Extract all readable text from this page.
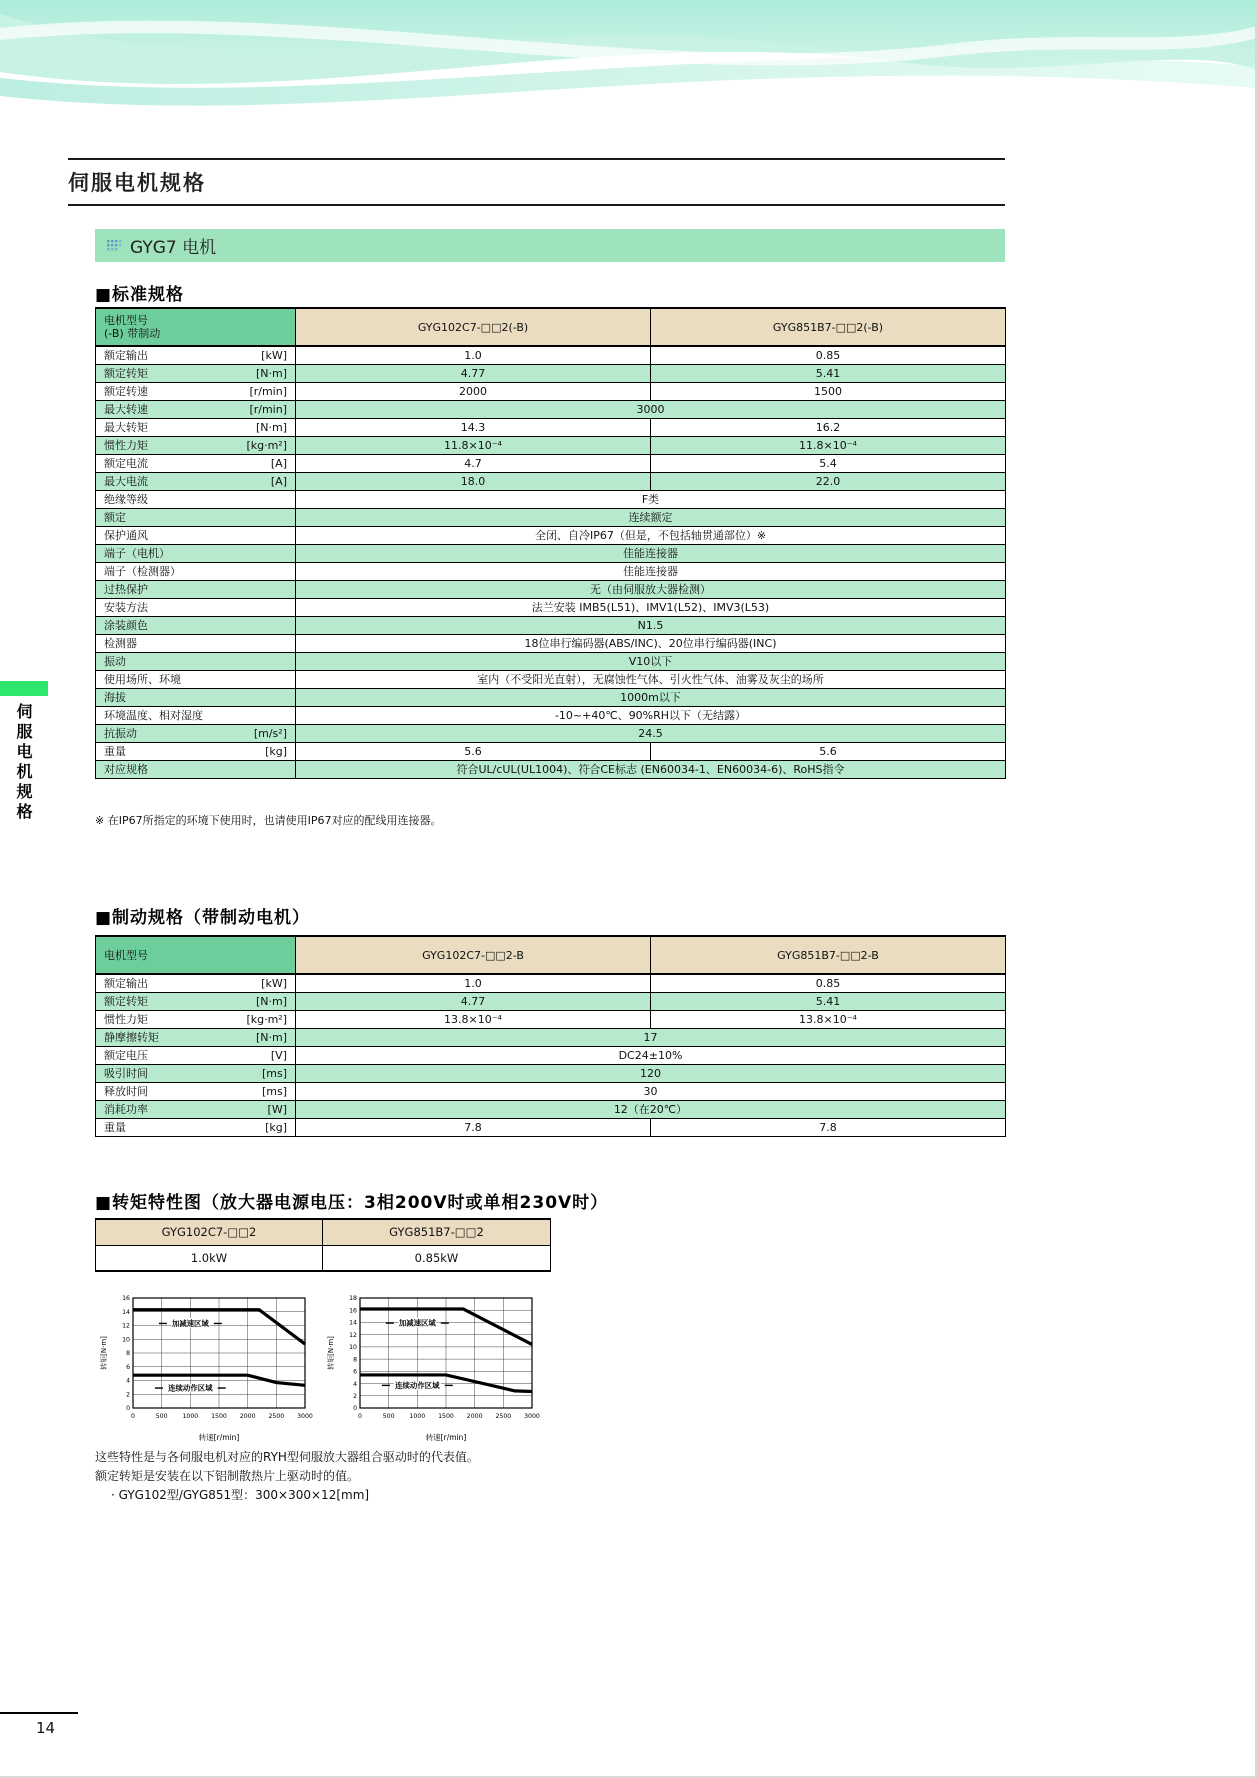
伺服电机规格
GYG7 电机
■标准规格
电机型号
(-B) 带制动	GYG102C7-□□2(-B)	GYG851B7-□□2(-B)
额定输出 [kW]	1.0	0.85
额定转矩 [N·m]	4.77	5.41
额定转速 [r/min]	2000	1500
最大转速 [r/min]	3000	
最大转矩 [N·m]	14.3	16.2
惯性力矩 [kg·m²]	11.8×10⁻⁴	11.8×10⁻⁴
额定电流 [A]	4.7	5.4
最大电流 [A]	18.0	22.0
绝缘等级	F类	
额定	连续额定	
保护通风	全闭、自冷IP67（但是，不包括轴贯通部位）※	
端子（电机）	佳能连接器	
端子（检测器）	佳能连接器	
过热保护	无（由伺服放大器检测）	
安装方法	法兰安装 IMB5(L51)、IMV1(L52)、IMV3(L53)	
涂装颜色	N1.5	
检测器	18位串行编码器(ABS/INC)、20位串行编码器(INC)	
振动	V10以下	
使用场所、环境	室内（不受阳光直射），无腐蚀性气体、引火性气体、油雾及灰尘的场所	
海拔	1000m以下	
环境温度、相对湿度	-10~+40℃、90%RH以下（无结露）	
抗振动 [m/s²]	24.5	
重量 [kg]	5.6	5.6
对应规格	符合UL/cUL(UL1004)、符合CE标志 (EN60034-1、EN60034-6)、RoHS指令	
※ 在IP67所指定的环境下使用时，也请使用IP67对应的配线用连接器。
■制动规格（带制动电机）
电机型号	GYG102C7-□□2-B	GYG851B7-□□2-B
额定输出 [kW]	1.0	0.85
额定转矩 [N·m]	4.77	5.41
惯性力矩 [kg·m²]	13.8×10⁻⁴	13.8×10⁻⁴
静摩擦转矩 [N·m]	17	
额定电压 [V]	DC24±10%	
吸引时间 [ms]	120	
释放时间 [ms]	30	
消耗功率 [W]	12（在20℃）	
重量 [kg]	7.8	7.8
■转矩特性图（放大器电源电压：3相200V时或单相230V时）
GYG102C7-□□2	GYG851B7-□□2
1.0kW	0.85kW
0	500 1000 1500 2000 2500 3000
0
2
4
6
8
10
12
14
16
加减速区域
连续动作区域
转矩[N·m]
转速[r/min]
0	500 1000 1500 2000 2500 3000
0
2
4
6
8
10
12
14
16
18
加减速区域
连续动作区域
转矩[N·m]
转速[r/min]
这些特性是与各伺服电机对应的RYH型伺服放大器组合驱动时的代表值。
额定转矩是安装在以下铝制散热片上驱动时的值。
· GYG102型/GYG851型：300×300×12[mm]
伺服电机规格
14
